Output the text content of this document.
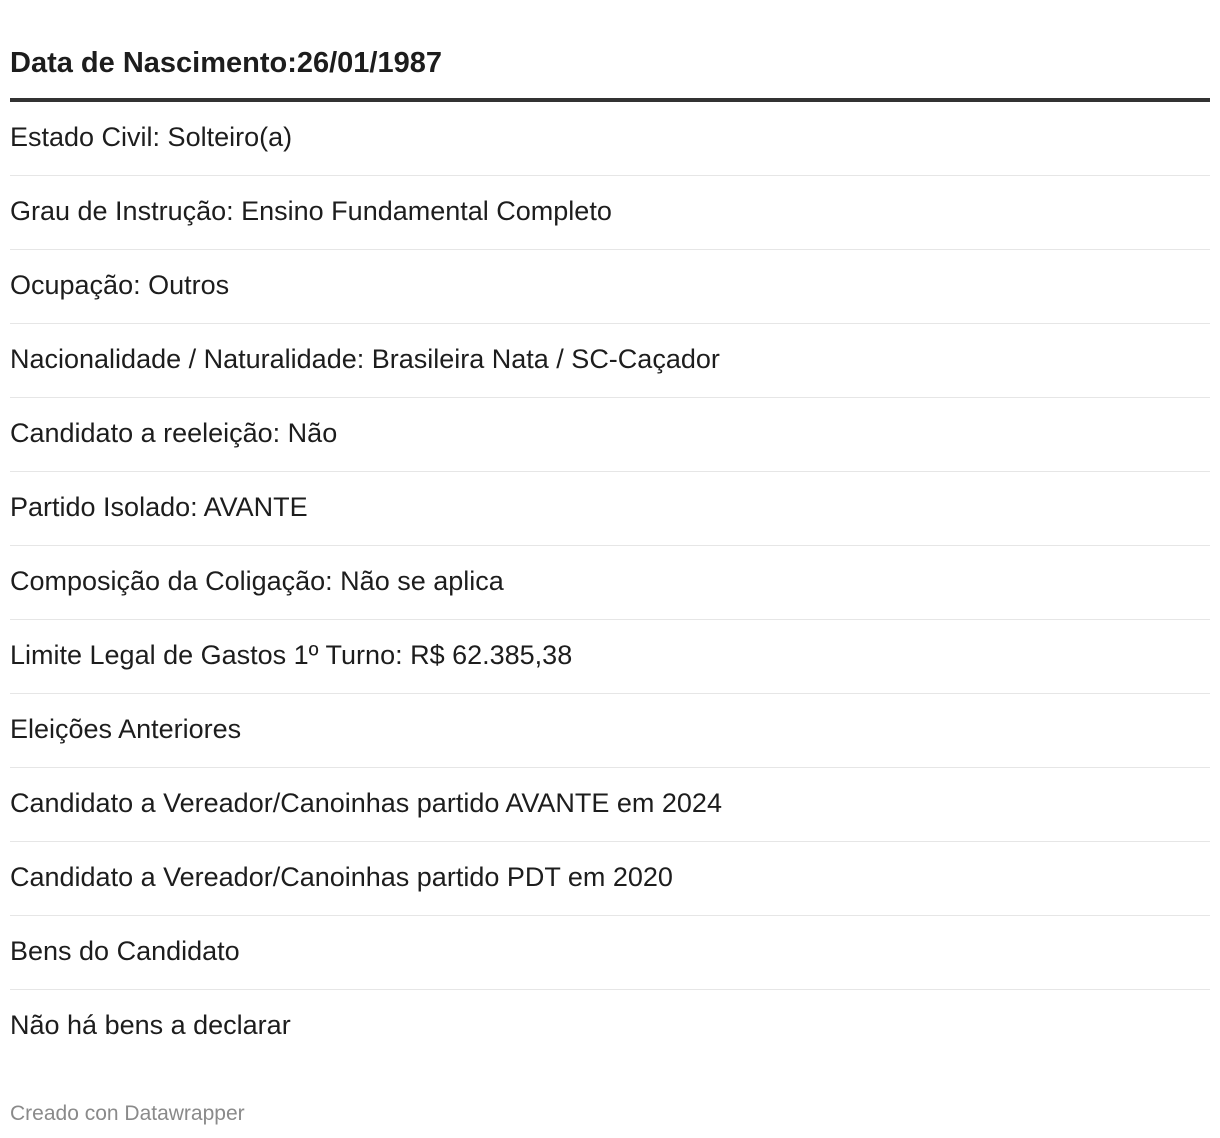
Data de Nascimento:26/01/1987
Estado Civil: Solteiro(a)
Grau de Instrução: Ensino Fundamental Completo
Ocupação: Outros
Nacionalidade / Naturalidade: Brasileira Nata / SC-Caçador
Candidato a reeleição: Não
Partido Isolado: AVANTE
Composição da Coligação: Não se aplica
Limite Legal de Gastos 1º Turno: R$ 62.385,38
Eleições Anteriores
Candidato a Vereador/Canoinhas partido AVANTE em 2024
Candidato a Vereador/Canoinhas partido PDT em 2020
Bens do Candidato
Não há bens a declarar
Creado con Datawrapper
